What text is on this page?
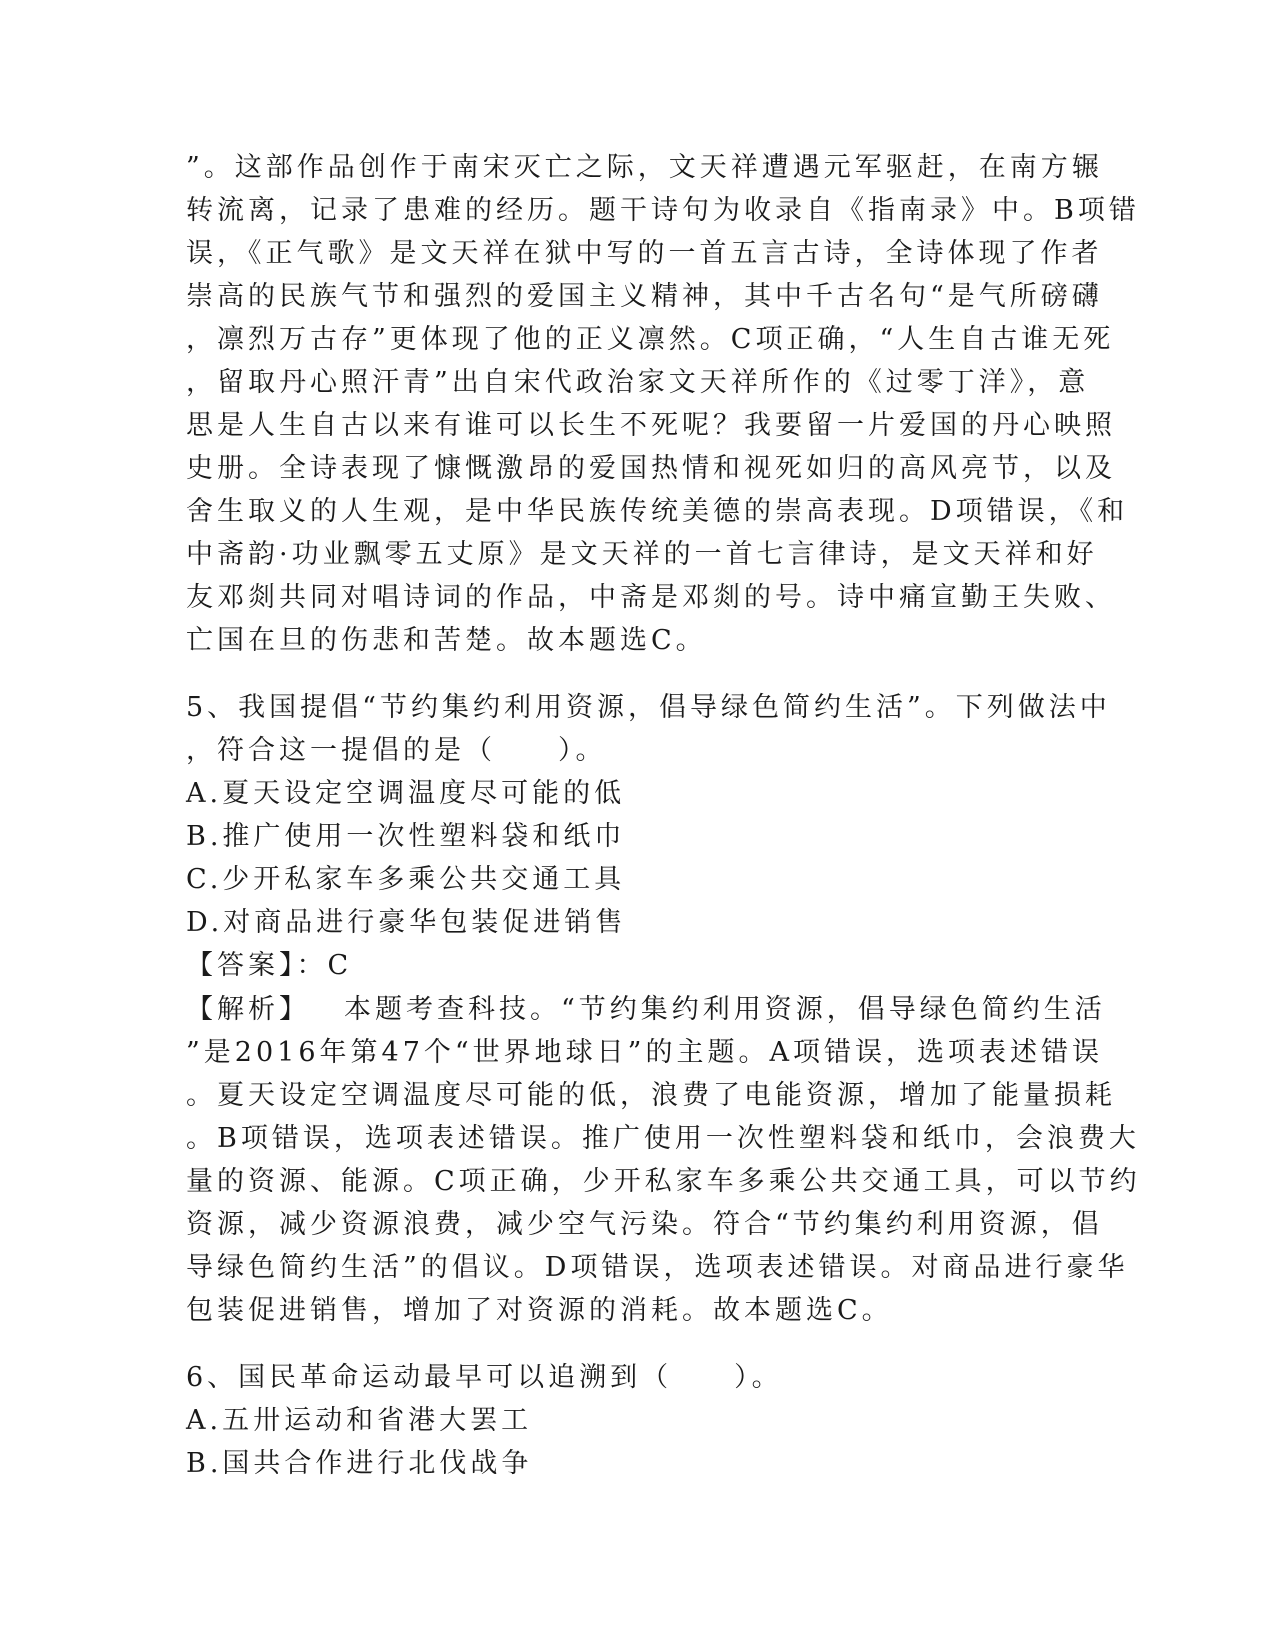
”。这部作品创作于南宋灭亡之际，文天祥遭遇元军驱赶，在南方辗
转流离，记录了患难的经历。题干诗句为收录自《指南录》中。B项错
误，《正气歌》是文天祥在狱中写的一首五言古诗，全诗体现了作者
崇高的民族气节和强烈的爱国主义精神，其中千古名句“是气所磅礴
，凛烈万古存”更体现了他的正义凛然。C项正确，“人生自古谁无死
，留取丹心照汗青”出自宋代政治家文天祥所作的《过零丁洋》，意
思是人生自古以来有谁可以长生不死呢？我要留一片爱国的丹心映照
史册。全诗表现了慷慨激昂的爱国热情和视死如归的高风亮节，以及
舍生取义的人生观，是中华民族传统美德的崇高表现。D项错误，《和
中斋韵·功业飘零五丈原》是文天祥的一首七言律诗，是文天祥和好
友邓剡共同对唱诗词的作品，中斋是邓剡的号。诗中痛宣勤王失败、
亡国在旦的伤悲和苦楚。故本题选C。
5、我国提倡“节约集约利用资源，倡导绿色简约生活”。下列做法中
，符合这一提倡的是（　　）。
A.夏天设定空调温度尽可能的低
B.推广使用一次性塑料袋和纸巾
C.少开私家车多乘公共交通工具
D.对商品进行豪华包装促进销售
【答案】：C
【解析】 本题考查科技。“节约集约利用资源，倡导绿色简约生活
”是2016年第47个“世界地球日”的主题。A项错误，选项表述错误
。夏天设定空调温度尽可能的低，浪费了电能资源，增加了能量损耗
。B项错误，选项表述错误。推广使用一次性塑料袋和纸巾，会浪费大
量的资源、能源。C项正确，少开私家车多乘公共交通工具，可以节约
资源，减少资源浪费，减少空气污染。符合“节约集约利用资源，倡
导绿色简约生活”的倡议。D项错误，选项表述错误。对商品进行豪华
包装促进销售，增加了对资源的消耗。故本题选C。
6、国民革命运动最早可以追溯到（　　）。
A.五卅运动和省港大罢工
B.国共合作进行北伐战争
